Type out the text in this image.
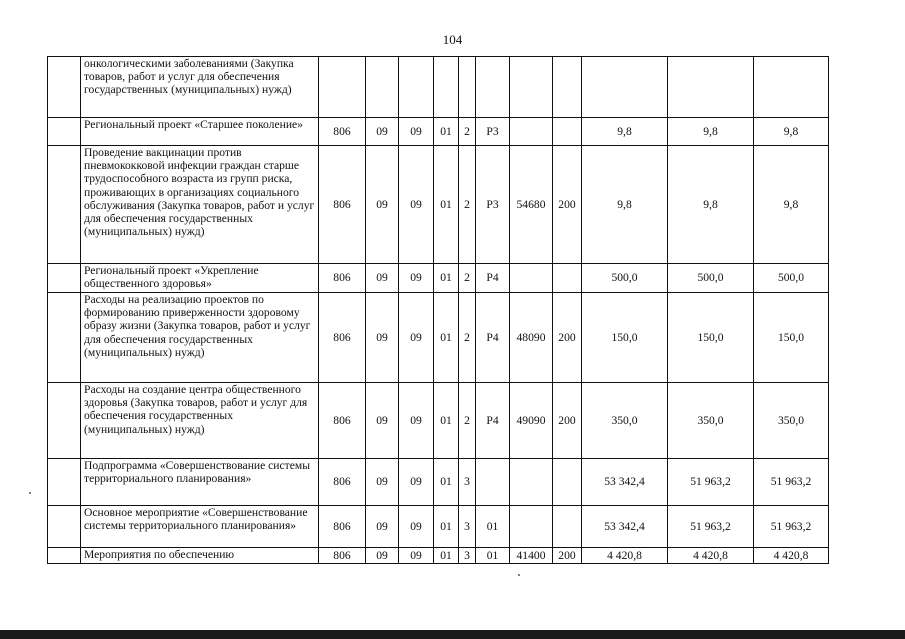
104
	онкологическими заболеваниями (Закупка товаров, работ и услуг для обеспечения государственных (муниципальных) нужд)											
	Региональный проект «Старшее поколение»	806	09	09	01	2	Р3			9,8	9,8	9,8
	Проведение вакцинации против пневмококковой инфекции граждан старше трудоспособного возраста из групп риска, проживающих в организациях социального обслуживания (Закупка товаров, работ и услуг для обеспечения государственных (муниципальных) нужд)	806	09	09	01	2	Р3	54680	200	9,8	9,8	9,8
	Региональный проект «Укрепление общественного здоровья»	806	09	09	01	2	Р4			500,0	500,0	500,0
	Расходы на реализацию проектов по формированию приверженности здоровому образу жизни (Закупка товаров, работ и услуг для обеспечения государственных (муниципальных) нужд)	806	09	09	01	2	Р4	48090	200	150,0	150,0	150,0
	Расходы на создание центра общественного здоровья (Закупка товаров, работ и услуг для обеспечения государственных (муниципальных) нужд)	806	09	09	01	2	Р4	49090	200	350,0	350,0	350,0
	Подпрограмма «Совершенствование системы территориального планирования»	806	09	09	01	3				53 342,4	51 963,2	51 963,2
	Основное мероприятие «Совершенствование системы территориального планирования»	806	09	09	01	3	01			53 342,4	51 963,2	51 963,2
	Мероприятия по обеспечению	806	09	09	01	3	01	41400	200	4 420,8	4 420,8	4 420,8
